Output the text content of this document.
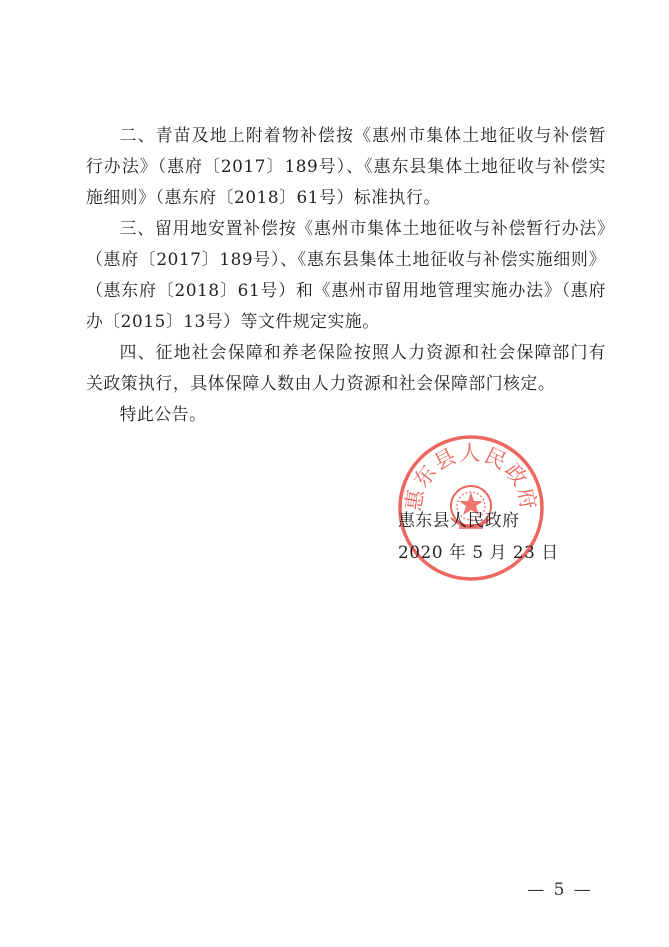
二、青苗及地上附着物补偿按《惠州市集体土地征收与补偿暂行办法》（惠府〔2017〕189号）、《惠东县集体土地征收与补偿实施细则》（惠东府〔2018〕61号）标准执行。

三、留用地安置补偿按《惠州市集体土地征收与补偿暂行办法》（惠府〔2017〕189号）、《惠东县集体土地征收与补偿实施细则》（惠东府〔2018〕61号）和《惠州市留用地管理实施办法》（惠府办〔2015〕13号）等文件规定实施。

四、征地社会保障和养老保险按照人力资源和社会保障部门有关政策执行，具体保障人数由人力资源和社会保障部门核定。

特此公告。

惠东县人民政府
惠东县人民政府
2020 年 5 月 23 日
— 5 —
